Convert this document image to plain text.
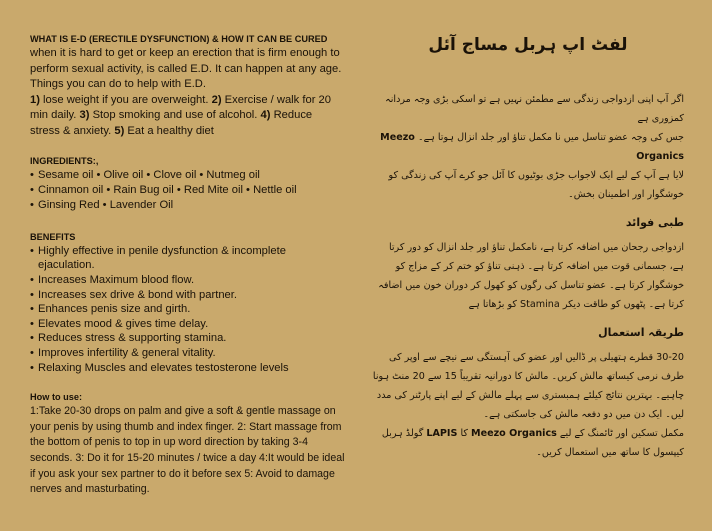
WHAT IS E-D (ERECTILE DYSFUNCTION) & HOW IT CAN BE CURED

when it is hard to get or keep an erection that is firm enough to perform sexual activity, is called E.D. It can happen at any age. Things you can do to help with E.D.

1) lose weight if you are overweight. 2) Exercise / walk for 20 min daily. 3) Stop smoking and use of alcohol. 4) Reduce stress & anxiety. 5) Eat a healthy diet

INGREDIENTS:,

• Sesame oil • Olive oil • Clove oil • Nutmeg oil
• Cinnamon oil • Rain Bug oil • Red Mite oil • Nettle oil
• Ginsing Red • Lavender Oil

BENEFITS

• Highly effective in penile dysfunction & incomplete ejaculation.
• Increases Maximum blood flow.
• Increases sex drive & bond with partner.
• Enhances penis size and girth.
• Elevates mood & gives time delay.
• Reduces stress & supporting stamina.
• Improves infertility & general vitality.
• Relaxing Muscles and elevates testosterone levels

How to use:

1:Take 20-30 drops on palm and give a soft & gentle massage on your penis by using thumb and index finger. 2: Start massage from the bottom of penis to top in up word direction by taking 3-4 seconds. 3: Do it for 15-20 minutes / twice a day 4:It would be ideal if you ask your sex partner to do it before sex 5: Avoid to damage nerves and masturbating.

لفٹ اپ ہربل مساج آئل

اگر آپ اپنی ازدواجی زندگی سے مطمئن نہیں ہے تو اسکی بڑی وجہ مردانہ کمزوری ہے

جس کی وجہ عضو تناسل میں نا مکمل تناؤ اور جلد انزال ہوتا ہے۔ Meezo Organics

لایا ہے آپ کے لیے ایک لاجواب جڑی بوٹیوں کا آئل جو کرے آپ کی زندگی کو خوشگوار اور اطمینان بخش۔

طبی فوائد

ازدواجی رجحان میں اضافہ کرتا ہے، نامکمل تناؤ اور جلد انزال کو دور کرتا ہے، جسمانی قوت میں اضافہ کرتا ہے۔ ذہنی تناؤ کو ختم کر کے مزاج کو خوشگوار کرتا ہے۔ عضو تناسل کی رگوں کو کھول کر دوران خون میں اضافہ کرتا ہے۔ پٹھوں کو طاقت دیکر Stamina کو بڑھاتا ہے

طریقہ استعمال

30-20 قطرے ہتھیلی پر ڈالیں اور عضو کی آہستگی سے نیچے سے اوپر کی طرف نرمی کیساتھ مالش کریں۔ مالش کا دورانیہ تقریباً 15 سے 20 منٹ ہونا چاہیے۔ بہترین نتائج کیلئے ہمبستری سے پہلے مالش کے لیے اپنے پارٹنر کی مدد لیں۔ ایک دن میں دو دفعہ مالش کی جاسکتی ہے۔

مکمل تسکین اور ٹائمنگ کے لیے Meezo Organics کا LAPIS گولڈ ہربل کیپسول کا ساتھ میں استعمال کریں۔
